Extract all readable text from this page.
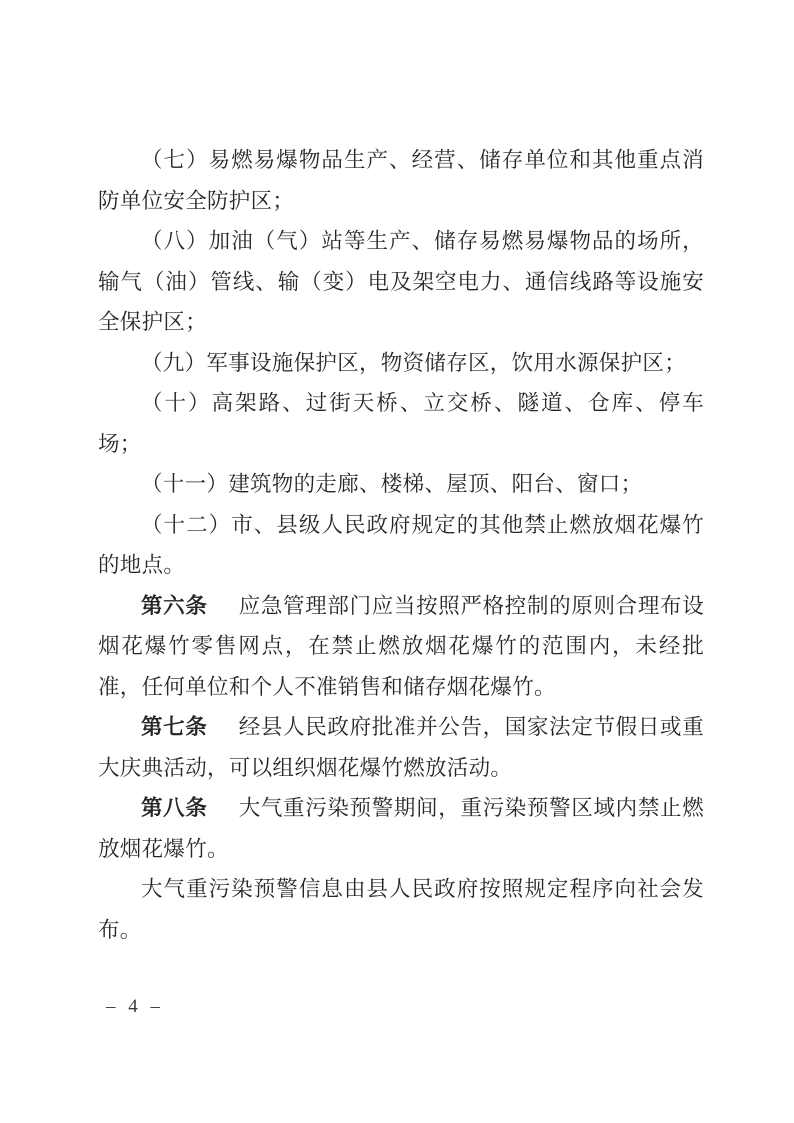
（七）易燃易爆物品生产、经营、储存单位和其他重点消防单位安全防护区；

（八）加油（气）站等生产、储存易燃易爆物品的场所，输气（油）管线、输（变）电及架空电力、通信线路等设施安全保护区；

（九）军事设施保护区，物资储存区，饮用水源保护区；

（十）高架路、过街天桥、立交桥、隧道、仓库、停车场；

（十一）建筑物的走廊、楼梯、屋顶、阳台、窗口；

（十二）市、县级人民政府规定的其他禁止燃放烟花爆竹的地点。

第六条 应急管理部门应当按照严格控制的原则合理布设烟花爆竹零售网点，在禁止燃放烟花爆竹的范围内，未经批准，任何单位和个人不准销售和储存烟花爆竹。

第七条 经县人民政府批准并公告，国家法定节假日或重大庆典活动，可以组织烟花爆竹燃放活动。

第八条 大气重污染预警期间，重污染预警区域内禁止燃放烟花爆竹。

大气重污染预警信息由县人民政府按照规定程序向社会发布。

– 4 –
